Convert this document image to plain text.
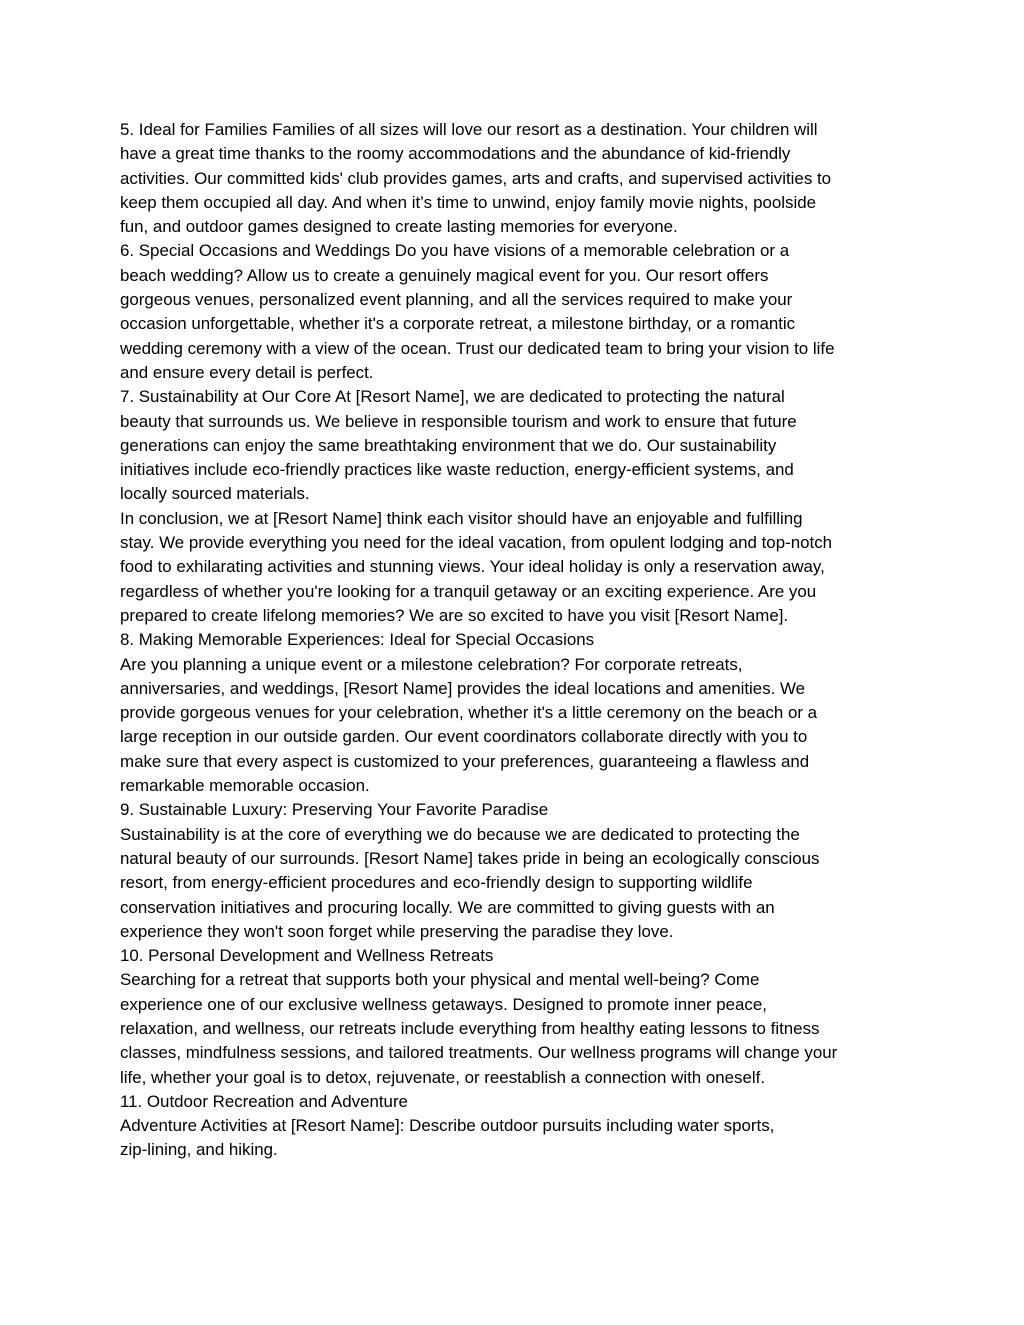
5. Ideal for Families Families of all sizes will love our resort as a destination. Your children will

have a great time thanks to the roomy accommodations and the abundance of kid-friendly

activities. Our committed kids' club provides games, arts and crafts, and supervised activities to

keep them occupied all day. And when it’s time to unwind, enjoy family movie nights, poolside

fun, and outdoor games designed to create lasting memories for everyone.

6. Special Occasions and Weddings Do you have visions of a memorable celebration or a

beach wedding? Allow us to create a genuinely magical event for you. Our resort offers

gorgeous venues, personalized event planning, and all the services required to make your

occasion unforgettable, whether it's a corporate retreat, a milestone birthday, or a romantic

wedding ceremony with a view of the ocean. Trust our dedicated team to bring your vision to life

and ensure every detail is perfect.

7. Sustainability at Our Core At [Resort Name], we are dedicated to protecting the natural

beauty that surrounds us. We believe in responsible tourism and work to ensure that future

generations can enjoy the same breathtaking environment that we do. Our sustainability

initiatives include eco-friendly practices like waste reduction, energy-efficient systems, and

locally sourced materials.

In conclusion, we at [Resort Name] think each visitor should have an enjoyable and fulfilling

stay. We provide everything you need for the ideal vacation, from opulent lodging and top-notch

food to exhilarating activities and stunning views. Your ideal holiday is only a reservation away,

regardless of whether you're looking for a tranquil getaway or an exciting experience. Are you

prepared to create lifelong memories? We are so excited to have you visit [Resort Name].

8. Making Memorable Experiences: Ideal for Special Occasions

Are you planning a unique event or a milestone celebration? For corporate retreats,

anniversaries, and weddings, [Resort Name] provides the ideal locations and amenities. We

provide gorgeous venues for your celebration, whether it's a little ceremony on the beach or a

large reception in our outside garden. Our event coordinators collaborate directly with you to

make sure that every aspect is customized to your preferences, guaranteeing a flawless and

remarkable memorable occasion.

9. Sustainable Luxury: Preserving Your Favorite Paradise

Sustainability is at the core of everything we do because we are dedicated to protecting the

natural beauty of our surrounds. [Resort Name] takes pride in being an ecologically conscious

resort, from energy-efficient procedures and eco-friendly design to supporting wildlife

conservation initiatives and procuring locally. We are committed to giving guests with an

experience they won't soon forget while preserving the paradise they love.

10. Personal Development and Wellness Retreats

Searching for a retreat that supports both your physical and mental well-being? Come

experience one of our exclusive wellness getaways. Designed to promote inner peace,

relaxation, and wellness, our retreats include everything from healthy eating lessons to fitness

classes, mindfulness sessions, and tailored treatments. Our wellness programs will change your

life, whether your goal is to detox, rejuvenate, or reestablish a connection with oneself.

11. Outdoor Recreation and Adventure

Adventure Activities at [Resort Name]: Describe outdoor pursuits including water sports,

zip-lining, and hiking.
